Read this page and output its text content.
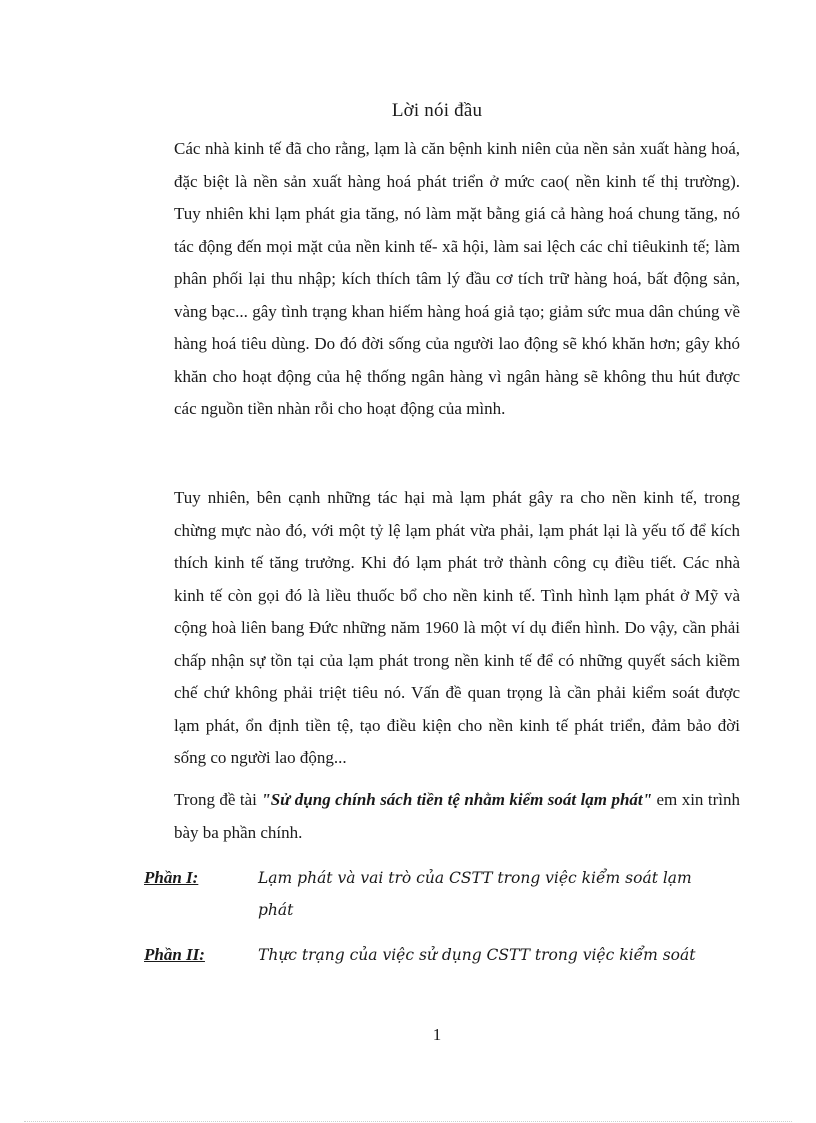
Lời nói đầu
Các nhà kinh tế đã cho rằng, lạm là căn bệnh kinh niên của nền sản xuất hàng hoá, đặc biệt là nền sản xuất hàng hoá phát triển ở mức cao( nền kinh tế thị trường). Tuy nhiên khi lạm phát gia tăng, nó làm mặt bằng giá cả hàng hoá chung tăng, nó tác động đến mọi mặt của nền kinh tế- xã hội, làm sai lệch các chỉ tiêukinh tế; làm phân phối lại thu nhập; kích thích tâm lý đầu cơ tích trữ hàng hoá, bất động sản, vàng bạc... gây tình trạng khan hiếm hàng hoá giả tạo; giảm sức mua dân chúng về hàng hoá tiêu dùng. Do đó đời sống của người lao động sẽ khó khăn hơn; gây khó khăn cho hoạt động của hệ thống ngân hàng vì ngân hàng sẽ không thu hút được các nguồn tiền nhàn rỗi cho hoạt động của mình.
Tuy nhiên, bên cạnh những tác hại mà lạm phát gây ra cho nền kinh tế, trong chừng mực nào đó, với một tỷ lệ lạm phát vừa phải, lạm phát lại là yếu tố để kích thích kinh tế tăng trưởng. Khi đó lạm phát trở thành công cụ điều tiết. Các nhà kinh tế còn gọi đó là liều thuốc bổ cho nền kinh tế. Tình hình lạm phát ở Mỹ và cộng hoà liên bang Đức những năm 1960 là một ví dụ điển hình. Do vậy, cần phải chấp nhận sự tồn tại của lạm phát trong nền kinh tế để có những quyết sách kiềm chế chứ không phải triệt tiêu nó. Vấn đề quan trọng là cần phải kiểm soát được lạm phát, ổn định tiền tệ, tạo điều kiện cho nền kinh tế phát triển, đảm bảo đời sống co người lao động...
Trong đề tài "Sử dụng chính sách tiền tệ nhằm kiểm soát lạm phát" em xin trình bày ba phần chính.
Phần I:	Lạm phát và vai trò của CSTT trong việc kiểm soát lạm phát
Phần II:	Thực trạng của việc sử dụng CSTT trong việc kiểm soát
1
